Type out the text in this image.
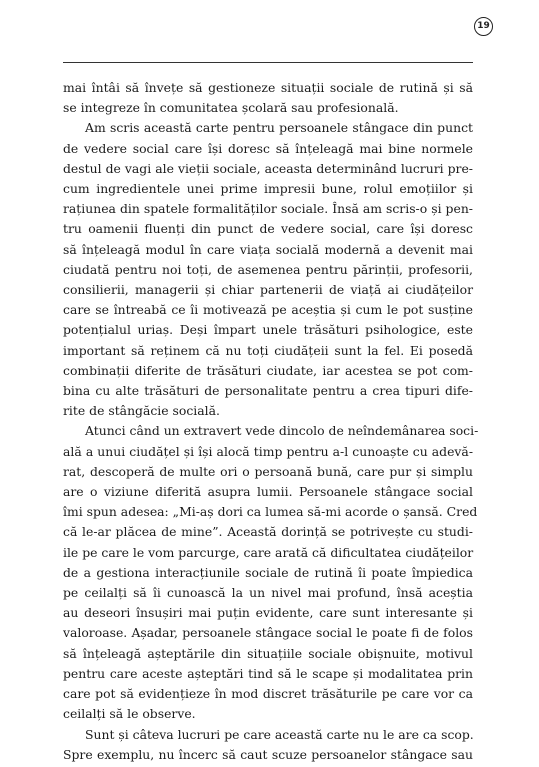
19
mai întâi să învețe să gestioneze situații sociale de rutină și să
se integreze în comunitatea școlară sau profesională.
Am scris această carte pentru persoanele stângace din punct
de vedere social care își doresc să înțeleagă mai bine normele
destul de vagi ale vieții sociale, aceasta determinând lucruri pre-
cum ingredientele unei prime impresii bune, rolul emoțiilor și
rațiunea din spatele formalităților sociale. Însă am scris-o și pen-
tru oamenii fluenți din punct de vedere social, care își doresc
să înțeleagă modul în care viața socială modernă a devenit mai
ciudată pentru noi toți, de asemenea pentru părinții, profesorii,
consilierii, managerii și chiar partenerii de viață ai ciudățeilor
care se întreabă ce îi motivează pe aceștia și cum le pot susține
potențialul uriaș. Deși împart unele trăsături psihologice, este
important să reținem că nu toți ciudățeii sunt la fel. Ei posedă
combinații diferite de trăsături ciudate, iar acestea se pot com-
bina cu alte trăsături de personalitate pentru a crea tipuri dife-
rite de stângăcie socială.
Atunci când un extravert vede dincolo de neîndemânarea soci-
ală a unui ciudățel și își alocă timp pentru a-l cunoaște cu adevă-
rat, descoperă de multe ori o persoană bună, care pur și simplu
are o viziune diferită asupra lumii. Persoanele stângace social
îmi spun adesea: „Mi-aș dori ca lumea să-mi acorde o șansă. Cred
că le-ar plăcea de mine”. Această dorință se potrivește cu studi-
ile pe care le vom parcurge, care arată că dificultatea ciudățeilor
de a gestiona interacțiunile sociale de rutină îi poate împiedica
pe ceilalți să îi cunoască la un nivel mai profund, însă aceștia
au deseori însușiri mai puțin evidente, care sunt interesante și
valoroase. Așadar, persoanele stângace social le poate fi de folos
să înțeleagă așteptările din situațiile sociale obișnuite, motivul
pentru care aceste așteptări tind să le scape și modalitatea prin
care pot să evidențieze în mod discret trăsăturile pe care vor ca
ceilalți să le observe.
Sunt și câteva lucruri pe care această carte nu le are ca scop.
Spre exemplu, nu încerc să caut scuze persoanelor stângace sau
